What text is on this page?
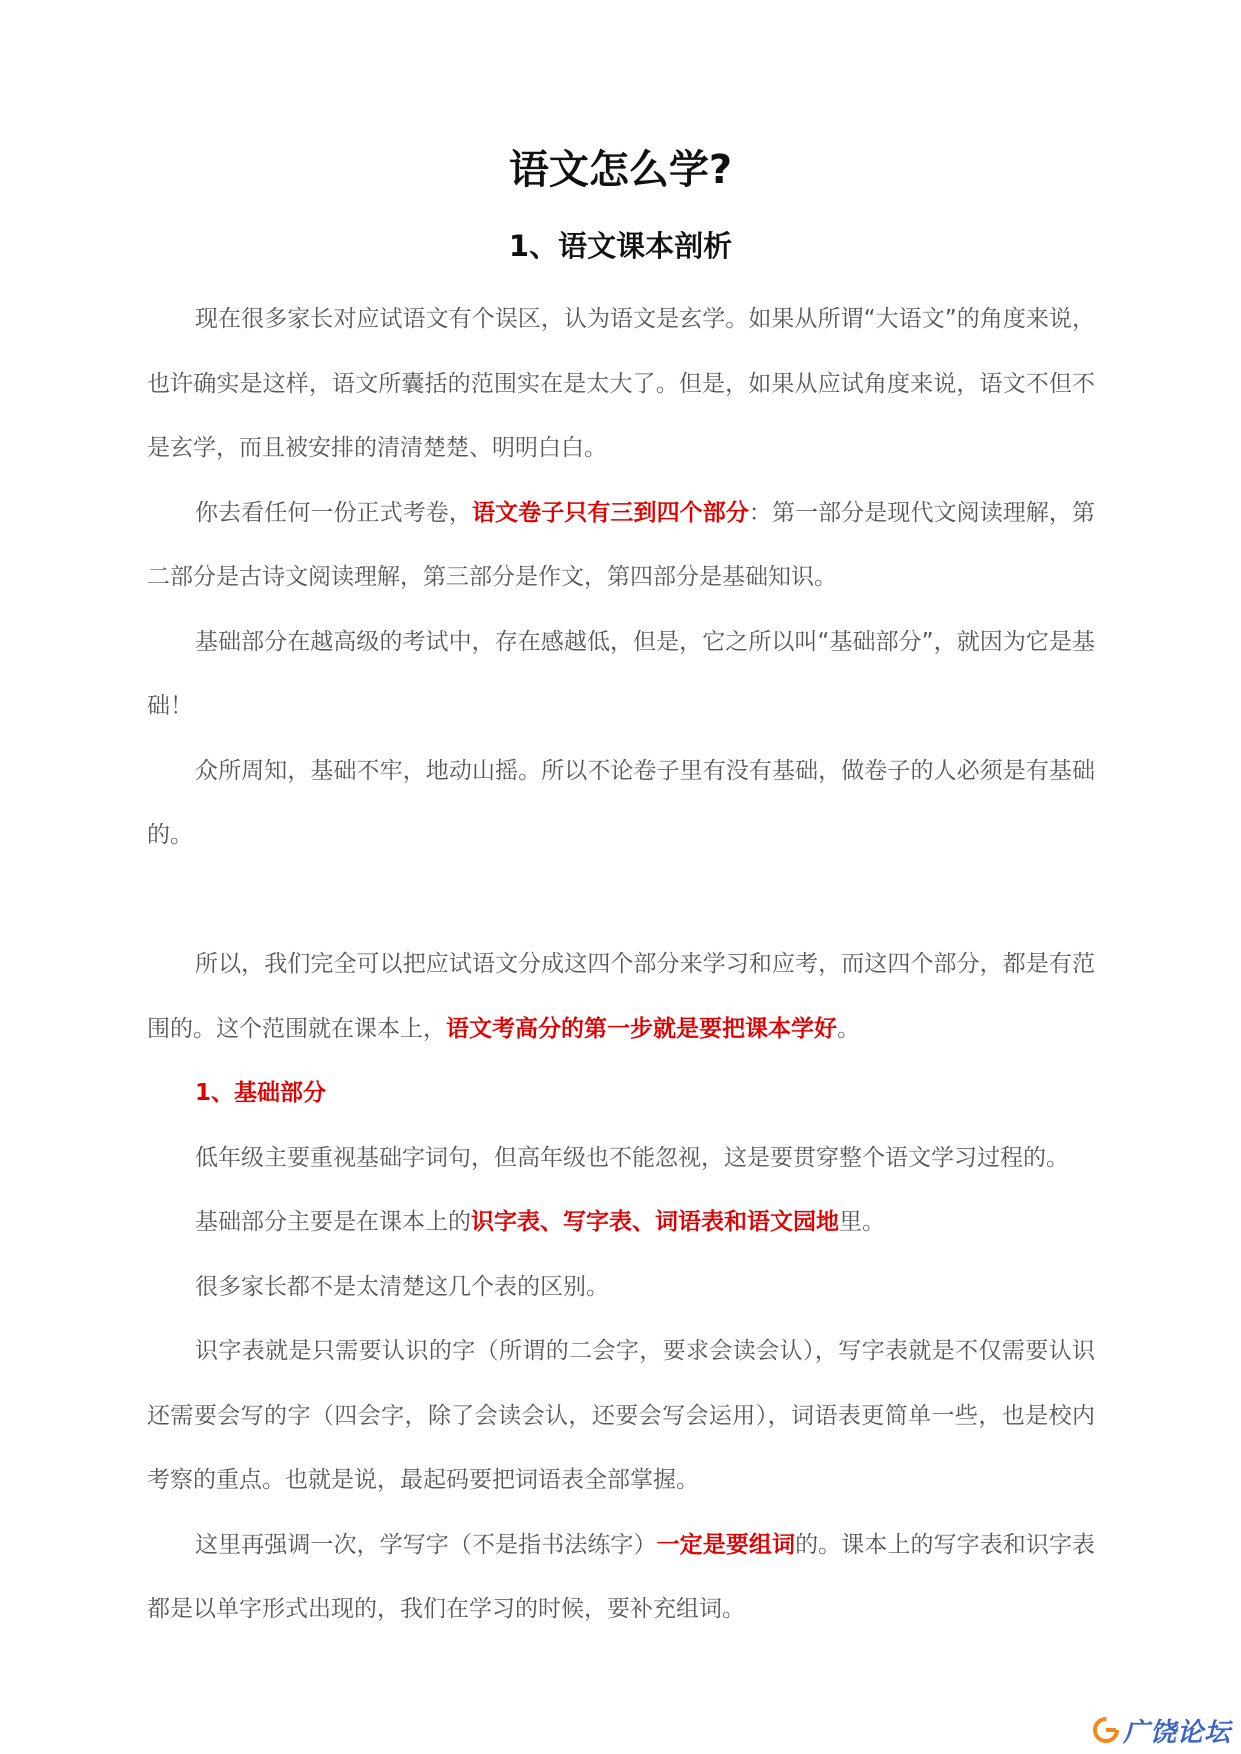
语文怎么学?
1、语文课本剖析

现在很多家长对应试语文有个误区，认为语文是玄学。如果从所谓“大语文”的角度来说，也许确实是这样，语文所囊括的范围实在是太大了。但是，如果从应试角度来说，语文不但不是玄学，而且被安排的清清楚楚、明明白白。

你去看任何一份正式考卷，语文卷子只有三到四个部分：第一部分是现代文阅读理解，第二部分是古诗文阅读理解，第三部分是作文，第四部分是基础知识。

基础部分在越高级的考试中，存在感越低，但是，它之所以叫“基础部分”，就因为它是基础！

众所周知，基础不牢，地动山摇。所以不论卷子里有没有基础，做卷子的人必须是有基础的。

所以，我们完全可以把应试语文分成这四个部分来学习和应考，而这四个部分，都是有范围的。这个范围就在课本上，语文考高分的第一步就是要把课本学好。

1、基础部分

低年级主要重视基础字词句，但高年级也不能忽视，这是要贯穿整个语文学习过程的。

基础部分主要是在课本上的识字表、写字表、词语表和语文园地里。

很多家长都不是太清楚这几个表的区别。

识字表就是只需要认识的字（所谓的二会字，要求会读会认），写字表就是不仅需要认识还需要会写的字（四会字，除了会读会认，还要会写会运用），词语表更简单一些，也是校内考察的重点。也就是说，最起码要把词语表全部掌握。

这里再强调一次，学写字（不是指书法练字）一定是要组词的。课本上的写字表和识字表都是以单字形式出现的，我们在学习的时候，要补充组词。

广饶论坛
